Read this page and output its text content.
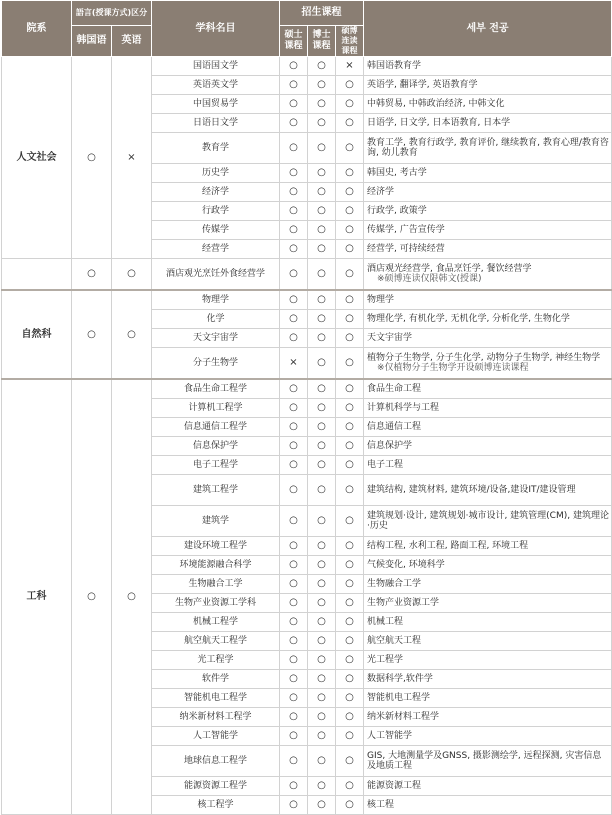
院系	語言(授课方式)区分		学科名目	招生课程			세부 전공
	韩国语	英语		硕士课程	博士课程	硕博连读课程	
人文社会	○	×	国语国文学	○	○	×	韩国语教育学
			英语英文学	○	○	○	英语学, 翻译学, 英语教育学
			中国贸易学	○	○	○	中韩贸易, 中韩政治经济, 中韩文化
			日语日文学	○	○	○	日语学, 日文学, 日本语教育, 日本学
			教育学	○	○	○	教育工学, 教育行政学, 教育评价, 继续教育, 教育心理/教育咨询, 幼儿教育
			历史学	○	○	○	韩国史, 考古学
			经济学	○	○	○	经济学
			行政学	○	○	○	行政学, 政策学
			传媒学	○	○	○	传媒学, 广告宣传学
			经营学	○	○	○	经营学, 可持续经营
	○	○	酒店观光烹饪外食经营学	○	○	○	酒店观光经营学, 食品烹饪学, 餐饮经营学
※硕博连读仅限韩文(授课)

自然科	○	○	物理学	○	○	○	物理学
			化学	○	○	○	物理化学, 有机化学, 无机化学, 分析化学, 生物化学
			天文宇宙学	○	○	○	天文宇宙学
			分子生物学	×	○	○	植物分子生物学, 分子生化学, 动物分子生物学, 神经生物学
※仅植物分子生物学开设硕博连读课程

工科	○	○	食品生命工程学	○	○	○	食品生命工程
			计算机工程学	○	○	○	计算机科学与工程
			信息通信工程学	○	○	○	信息通信工程
			信息保护学	○	○	○	信息保护学
			电子工程学	○	○	○	电子工程
			建筑工程学	○	○	○	建筑结构, 建筑材料, 建筑环境/设备,建设IT/建设管理
			建筑学	○	○	○	建筑规划·设计, 建筑规划·城市设计, 建筑管理(CM), 建筑理论·历史
			建设环境工程学	○	○	○	结构工程, 水利工程, 路面工程, 环境工程
			环境能源融合科学	○	○	○	气候变化, 环境科学
			生物融合工学	○	○	○	生物融合工学
			生物产业资源工学科	○	○	○	生物产业资源工学
			机械工程学	○	○	○	机械工程
			航空航天工程学	○	○	○	航空航天工程
			光工程学	○	○	○	光工程学
			软件学	○	○	○	数据科学,软件学
			智能机电工程学	○	○	○	智能机电工程学
			纳米新材料工程学	○	○	○	纳米新材料工程学
			人工智能学	○	○	○	人工智能学
			地球信息工程学	○	○	○	GIS, 大地测量学及GNSS, 摄影测绘学, 远程探测, 灾害信息及地质工程
			能源资源工程学	○	○	○	能源资源工程
			核工程学	○	○	○	核工程
